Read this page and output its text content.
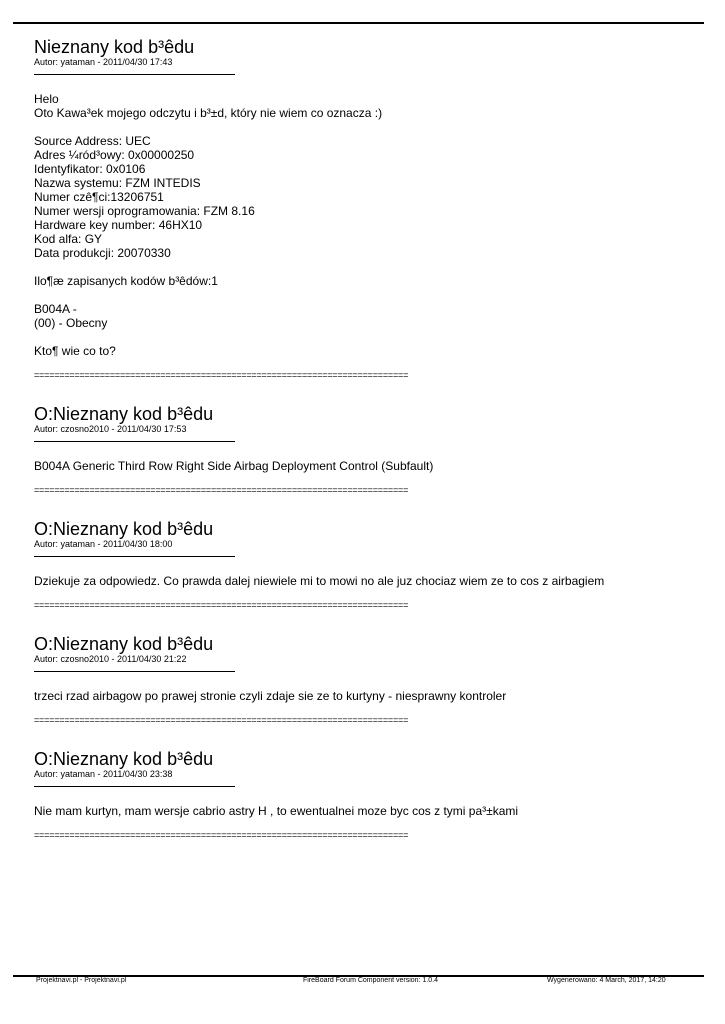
Nieznany kod b³êdu
Autor: yataman - 2011/04/30 17:43
Helo
Oto Kawa³ek mojego odczytu i b³±d, który nie wiem co oznacza :)

Source Address: UEC
Adres ¼ród³owy: 0x00000250
Identyfikator: 0x0106
Nazwa systemu: FZM INTEDIS
Numer czê¶ci:13206751
Numer wersji oprogramowania: FZM 8.16
Hardware key number: 46HX10
Kod alfa: GY
Data produkcji: 20070330

Ilo¶æ zapisanych kodów b³êdów:1

B004A -
(00) - Obecny

Kto¶ wie co to?
==========================================================================
O:Nieznany kod b³êdu
Autor: czosno2010 - 2011/04/30 17:53
B004A Generic Third Row Right Side Airbag Deployment Control (Subfault)
==========================================================================
O:Nieznany kod b³êdu
Autor: yataman - 2011/04/30 18:00
Dziekuje za odpowiedz. Co prawda dalej niewiele mi to mowi no ale juz chociaz wiem ze to cos z airbagiem
==========================================================================
O:Nieznany kod b³êdu
Autor: czosno2010 - 2011/04/30 21:22
trzeci rzad airbagow po prawej stronie czyli zdaje sie ze to kurtyny - niesprawny kontroler
==========================================================================
O:Nieznany kod b³êdu
Autor: yataman - 2011/04/30 23:38
Nie mam kurtyn, mam wersje cabrio astry H , to ewentualnei moze byc cos z tymi pa³±kami
==========================================================================
Projektnavi.pl - Projektnavi.pl	FireBoard Forum Component version: 1.0.4	Wygenerowano: 4 March, 2017, 14:20
